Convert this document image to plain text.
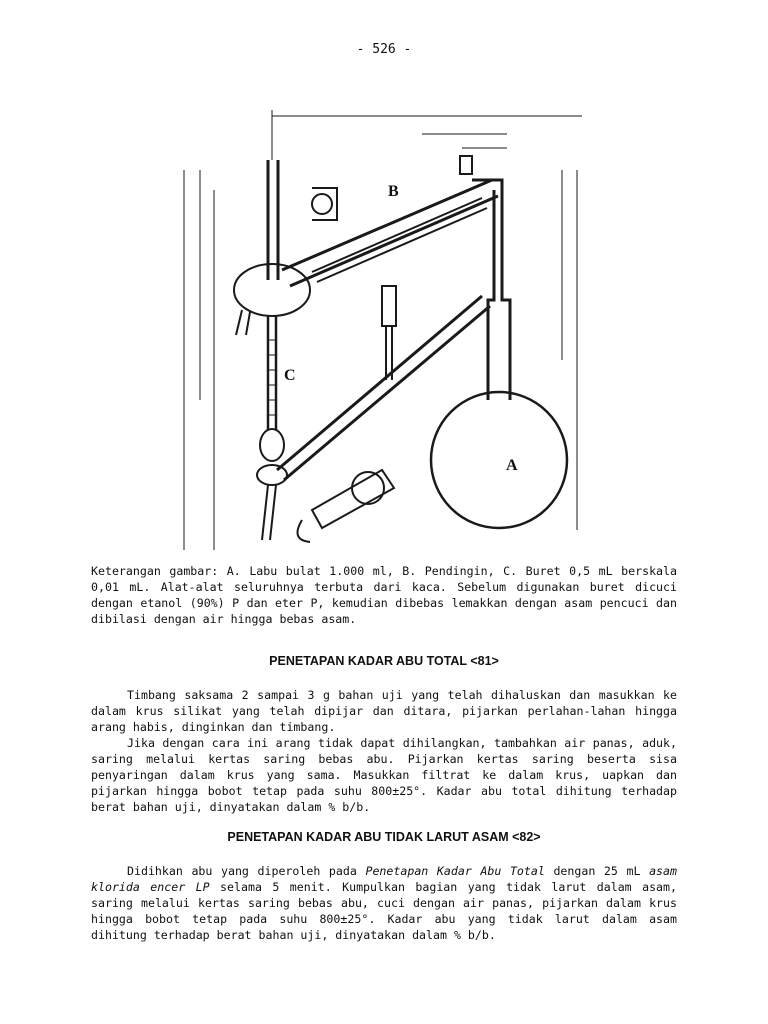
- 526 -
B
C
A
Keterangan gambar: A. Labu bulat 1.000 ml, B. Pendingin, C. Buret 0,5 mL berskala 0,01 mL. Alat-alat seluruhnya terbuta dari kaca. Sebelum digunakan buret dicuci dengan etanol (90%) P dan eter P, kemudian dibebas lemakkan dengan asam pencuci dan dibilasi dengan air hingga bebas asam.
PENETAPAN KADAR ABU TOTAL <81>

Timbang saksama 2 sampai 3 g bahan uji yang telah dihaluskan dan masukkan ke dalam krus silikat yang telah dipijar dan ditara, pijarkan perlahan-lahan hingga arang habis, dinginkan dan timbang.

Jika dengan cara ini arang tidak dapat dihilangkan, tambahkan air panas, aduk, saring melalui kertas saring bebas abu. Pijarkan kertas saring beserta sisa penyaringan dalam krus yang sama. Masukkan filtrat ke dalam krus, uapkan dan pijarkan hingga bobot tetap pada suhu 800±25°. Kadar abu total dihitung terhadap berat bahan uji, dinyatakan dalam % b/b.

PENETAPAN KADAR ABU TIDAK LARUT ASAM <82>

Didihkan abu yang diperoleh pada Penetapan Kadar Abu Total dengan 25 mL asam klorida encer LP selama 5 menit. Kumpulkan bagian yang tidak larut dalam asam, saring melalui kertas saring bebas abu, cuci dengan air panas, pijarkan dalam krus hingga bobot tetap pada suhu 800±25°. Kadar abu yang tidak larut dalam asam dihitung terhadap berat bahan uji, dinyatakan dalam % b/b.
